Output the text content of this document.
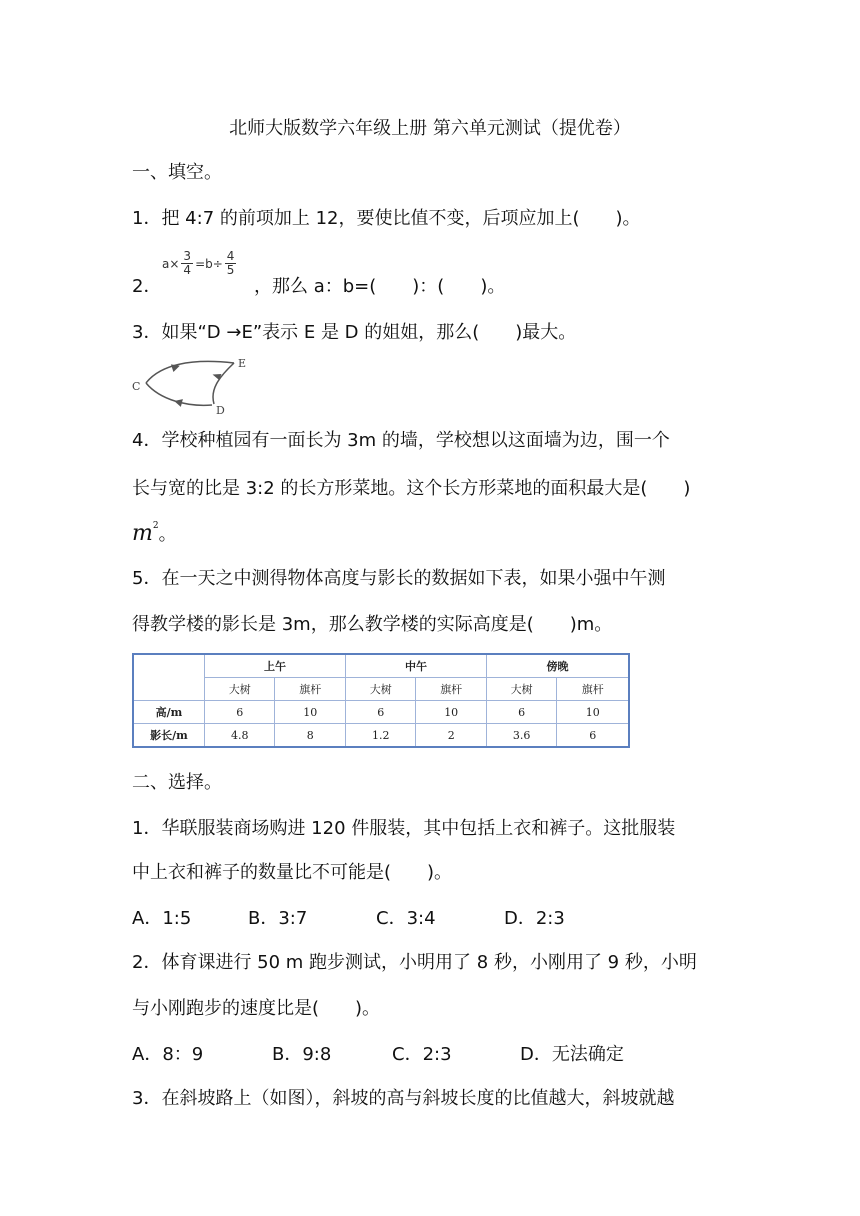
北师大版数学六年级上册 第六单元测试（提优卷）
一、填空。
1．把 4:7 的前项加上 12，要使比值不变，后项应加上(　　)。
2．
$a\times \frac{3}{4} =b\div \frac{4}{5}$
，那么 a：b=(　　)：(　　)。
3．如果“D →E”表示 E 是 D 的姐姐，那么(　　)最大。
C
E
D
4．学校种植园有一面长为 3m 的墙，学校想以这面墙为边，围一个
长与宽的比是 3:2 的长方形菜地。这个长方形菜地的面积最大是(　　)
$m^2$。
5．在一天之中测得物体高度与影长的数据如下表，如果小强中午测
得教学楼的影长是 3m，那么教学楼的实际高度是(　　)m。
	上午		中午		傍晚	
	大树	旗杆	大树	旗杆	大树	旗杆
高/m	6	10	6	10	6	10
影长/m	4.8	8	1.2	2	3.6	6
二、选择。
1．华联服装商场购进 120 件服装，其中包括上衣和裤子。这批服装
中上衣和裤子的数量比不可能是(　　)。
A．1:5	B．3:7	C．3:4	D．2:3
2．体育课进行 50 m 跑步测试，小明用了 8 秒，小刚用了 9 秒，小明
与小刚跑步的速度比是(　　)。
A．8：9	B．9:8	C．2:3	D．无法确定
3．在斜坡路上（如图），斜坡的高与斜坡长度的比值越大，斜坡就越
